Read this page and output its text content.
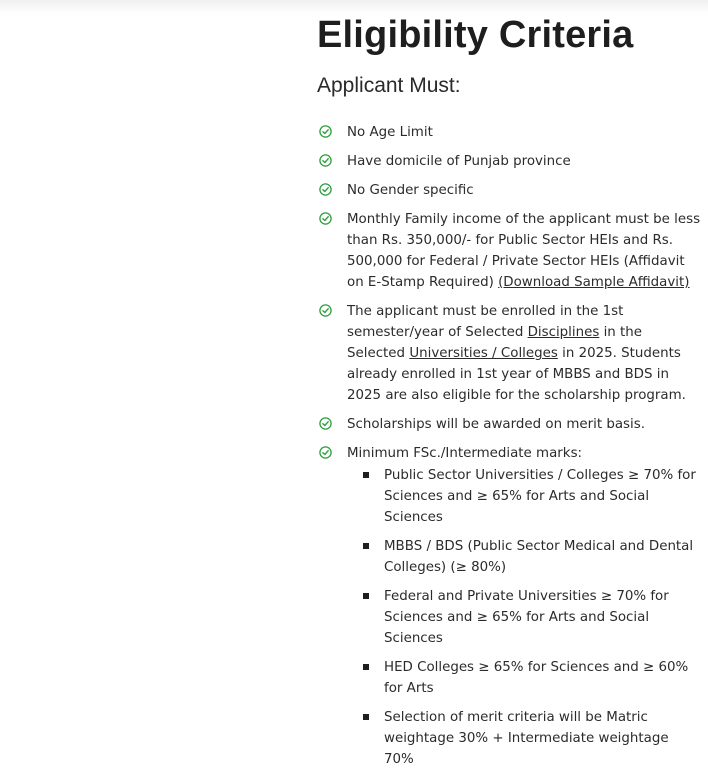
Eligibility Criteria
Applicant Must:
No Age Limit
Have domicile of Punjab province
No Gender specific
Monthly Family income of the applicant must be less than Rs. 350,000/- for Public Sector HEIs and Rs. 500,000 for Federal / Private Sector HEIs (Affidavit on E-Stamp Required) (Download Sample Affidavit)
The applicant must be enrolled in the 1st semester/year of Selected Disciplines in the Selected Universities / Colleges in 2025. Students already enrolled in 1st year of MBBS and BDS in 2025 are also eligible for the scholarship program.
Scholarships will be awarded on merit basis.
Minimum FSc./Intermediate marks:
Public Sector Universities / Colleges ≥ 70% for Sciences and ≥ 65% for Arts and Social Sciences
MBBS / BDS (Public Sector Medical and Dental Colleges) (≥ 80%)
Federal and Private Universities ≥ 70% for Sciences and ≥ 65% for Arts and Social Sciences
HED Colleges ≥ 65% for Sciences and ≥ 60% for Arts
Selection of merit criteria will be Matric weightage 30% + Intermediate weightage 70%
